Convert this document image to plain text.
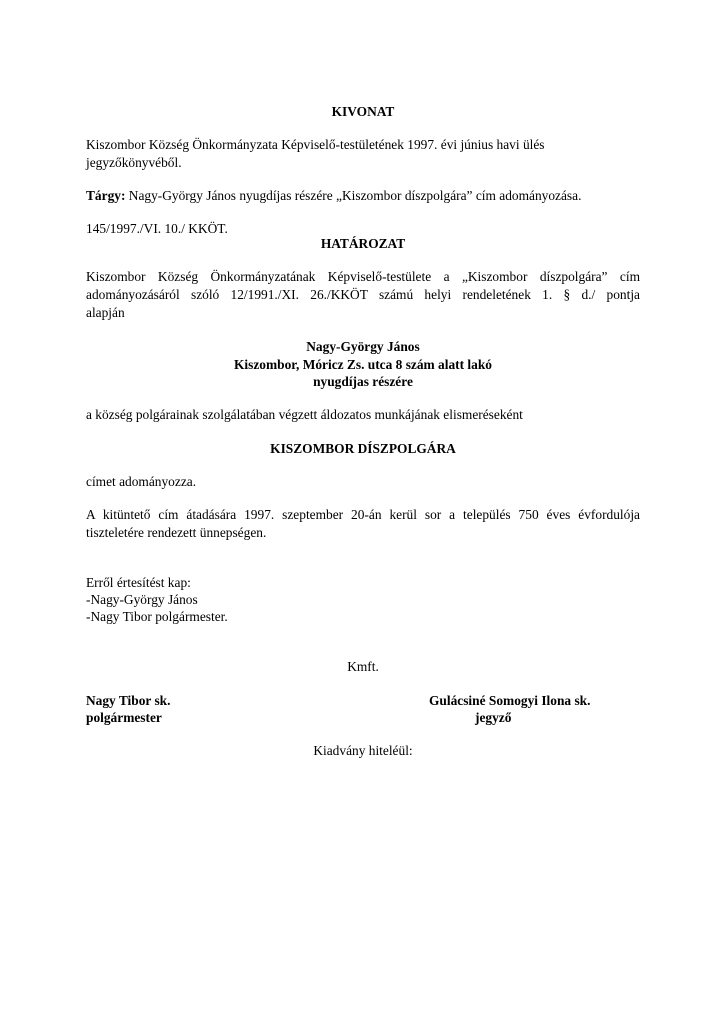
KIVONAT
Kiszombor Község Önkormányzata Képviselő-testületének 1997. évi június havi ülés
jegyzőkönyvéből.
Tárgy: Nagy-György János nyugdíjas részére „Kiszombor díszpolgára” cím adományozása.
145/1997./VI. 10./ KKÖT.
HATÁROZAT
Kiszombor Község Önkormányzatának Képviselő-testülete a „Kiszombor díszpolgára” cím
adományozásáról szóló 12/1991./XI. 26./KKÖT számú helyi rendeletének 1. § d./ pontja
alapján
Nagy-György János
Kiszombor, Móricz Zs. utca 8 szám alatt lakó
nyugdíjas részére
a község polgárainak szolgálatában végzett áldozatos munkájának elismeréseként
KISZOMBOR DÍSZPOLGÁRA
címet adományozza.
A kitüntető cím átadására 1997. szeptember 20-án kerül sor a település 750 éves évfordulója
tiszteletére rendezett ünnepségen.
Erről értesítést kap:
-Nagy-György János
-Nagy Tibor polgármester.
Kmft.
Nagy Tibor sk.
polgármester
Gulácsiné Somogyi Ilona sk.
jegyző
Kiadvány hiteléül:
